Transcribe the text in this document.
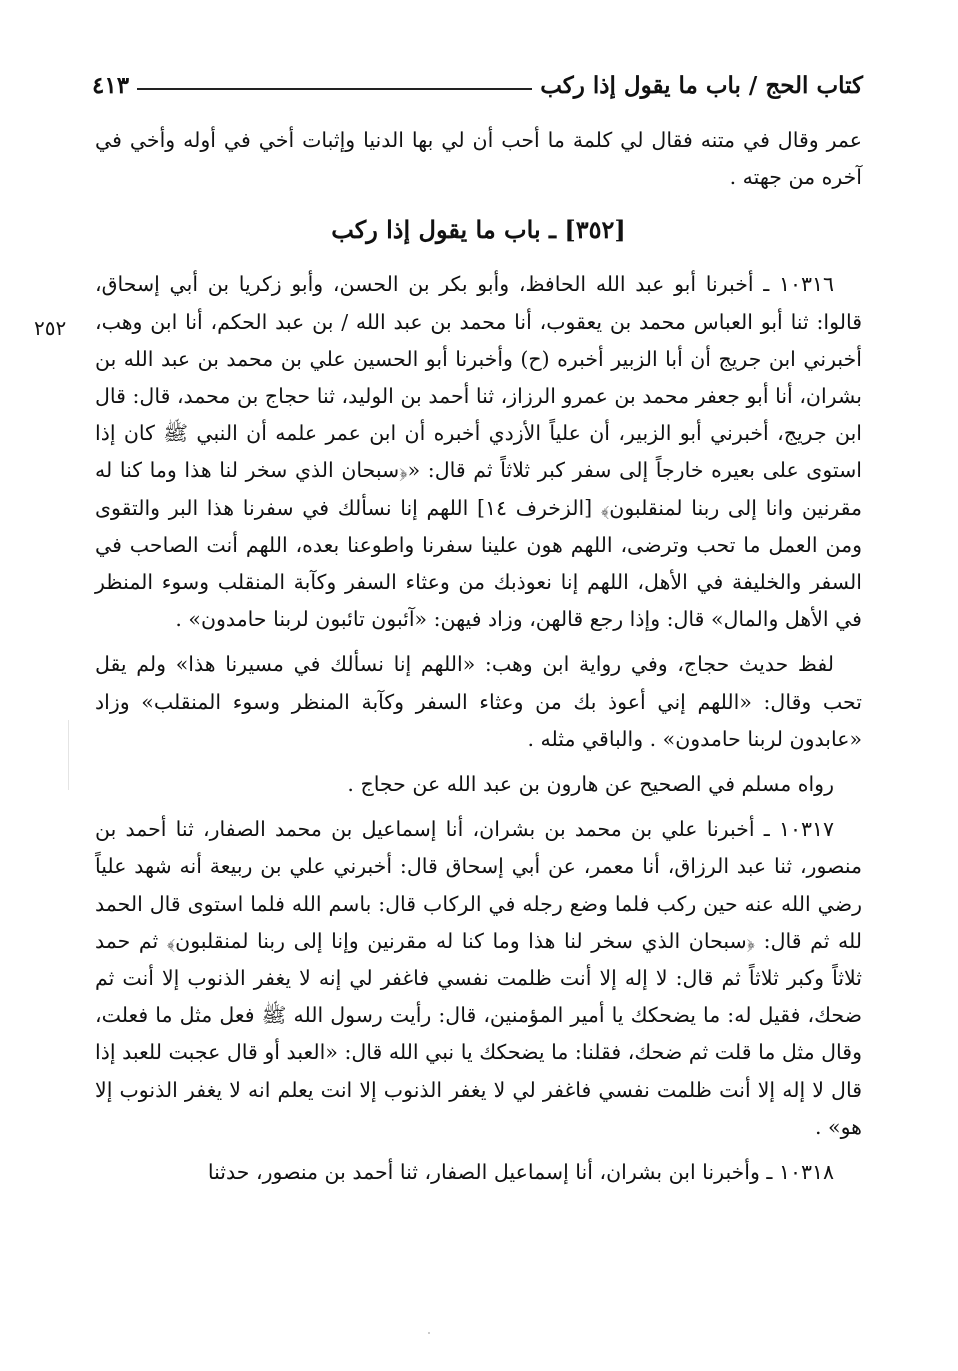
كتاب الحج / باب ما يقول إذا ركب
٤١٣
٢٥٢

عمر وقال في متنه فقال لي كلمة ما أحب أن لي بها الدنيا وإثبات أخي في أوله وأخي في آخره من جهته .

[٣٥٢] ـ باب ما يقول إذا ركب

١٠٣١٦ ـ أخبرنا أبو عبد الله الحافظ، وأبو بكر بن الحسن، وأبو زكريا بن أبي إسحاق، قالوا: ثنا أبو العباس محمد بن يعقوب، أنا محمد بن عبد الله / بن عبد الحكم، أنا ابن وهب، أخبرني ابن جريج أن أبا الزبير أخبره (ح) وأخبرنا أبو الحسين علي بن محمد بن عبد الله بن بشران، أنا أبو جعفر محمد بن عمرو الرزاز، ثنا أحمد بن الوليد، ثنا حجاج بن محمد، قال: قال ابن جريج، أخبرني أبو الزبير، أن علياً الأزدي أخبره أن ابن عمر علمه أن النبي ﷺ كان إذا استوى على بعيره خارجاً إلى سفر كبر ثلاثاً ثم قال: «﴿سبحان الذي سخر لنا هذا وما كنا له مقرنين وانا إلى ربنا لمنقلبون﴾ [الزخرف ١٤] اللهم إنا نسألك في سفرنا هذا البر والتقوى ومن العمل ما تحب وترضى، اللهم هون علينا سفرنا واطوعنا بعده، اللهم أنت الصاحب في السفر والخليفة في الأهل، اللهم إنا نعوذبك من وعثاء السفر وكآبة المنقلب وسوء المنظر في الأهل والمال» قال: وإذا رجع قالهن، وزاد فيهن: «آئبون تائبون لربنا حامدون» .

لفظ حديث حجاج، وفي رواية ابن وهب: «اللهم إنا نسألك في مسيرنا هذا» ولم يقل تحب وقال: «اللهم إني أعوذ بك من وعثاء السفر وكآبة المنظر وسوء المنقلب» وزاد «عابدون لربنا حامدون» . والباقي مثله .

رواه مسلم في الصحيح عن هارون بن عبد الله عن حجاج .

١٠٣١٧ ـ أخبرنا علي بن محمد بن بشران، أنا إسماعيل بن محمد الصفار، ثنا أحمد بن منصور، ثنا عبد الرزاق، أنا معمر، عن أبي إسحاق قال: أخبرني علي بن ربيعة أنه شهد علياً رضي الله عنه حين ركب فلما وضع رجله في الركاب قال: باسم الله فلما استوى قال الحمد لله ثم قال: ﴿سبحان الذي سخر لنا هذا وما كنا له مقرنين وإنا إلى ربنا لمنقلبون﴾ ثم حمد ثلاثاً وكبر ثلاثاً ثم قال: لا إله إلا أنت ظلمت نفسي فاغفر لي إنه لا يغفر الذنوب إلا أنت ثم ضحك، فقيل له: ما يضحكك يا أمير المؤمنين، قال: رأيت رسول الله ﷺ فعل مثل ما فعلت، وقال مثل ما قلت ثم ضحك، فقلنا: ما يضحكك يا نبي الله قال: «العبد أو قال عجبت للعبد إذا قال لا إله إلا أنت ظلمت نفسي فاغفر لي لا يغفر الذنوب إلا انت يعلم انه لا يغفر الذنوب إلا هو» .

١٠٣١٨ ـ وأخبرنا ابن بشران، أنا إسماعيل الصفار، ثنا أحمد بن منصور، حدثنا
